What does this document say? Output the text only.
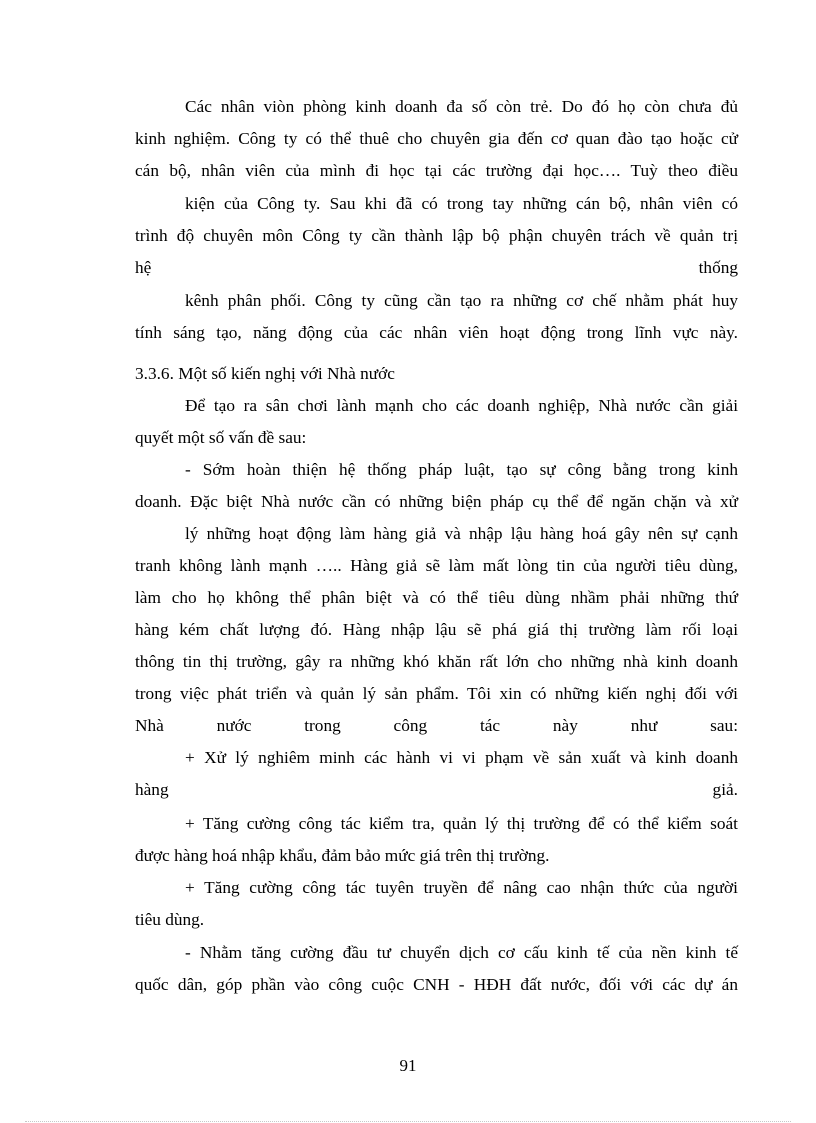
Các nhân viòn phòng kinh doanh đa số còn trẻ. Do đó họ còn chưa đủ
kinh nghiệm. Công ty có thể thuê cho chuyên gia đến cơ quan đào tạo hoặc cử
cán bộ, nhân viên của mình đi học tại các trường đại học…. Tuỳ theo điều
kiện của Công ty. Sau khi đã có trong tay những cán bộ, nhân viên có
trình độ chuyên môn Công ty cần thành lập bộ phận chuyên trách về quản trị
hệ thống
kênh phân phối. Công ty cũng cần tạo ra những cơ chế nhằm phát huy
tính sáng tạo, năng động của các nhân viên hoạt động trong lĩnh vực này.
3.3.6. Một số kiến nghị với Nhà nước
Để tạo ra sân chơi lành mạnh cho các doanh nghiệp, Nhà nước cần giải
quyết một số vấn đề sau:
- Sớm hoàn thiện hệ thống pháp luật, tạo sự công bằng trong kinh
doanh. Đặc biệt Nhà nước cần có những biện pháp cụ thể để ngăn chặn và xử
lý những hoạt động làm hàng giả và nhập lậu hàng hoá gây nên sự cạnh
tranh không lành mạnh ….. Hàng giả sẽ làm mất lòng tin của người tiêu dùng,
làm cho họ không thể phân biệt và có thể tiêu dùng nhầm phải những thứ
hàng kém chất lượng đó. Hàng nhập lậu sẽ phá giá thị trường làm rối loại
thông tin thị trường, gây ra những khó khăn rất lớn cho những nhà kinh doanh
trong việc phát triển và quản lý sản phẩm. Tôi xin có những kiến nghị đối với
Nhà nước trong công tác này như sau:
+ Xử lý nghiêm minh các hành vi vi phạm về sản xuất và kinh doanh
hàng giả.
+ Tăng cường công tác kiểm tra, quản lý thị trường để có thể kiểm soát
được hàng hoá nhập khẩu, đảm bảo mức giá trên thị trường.
+ Tăng cường công tác tuyên truyền để nâng cao nhận thức của người
tiêu dùng.
- Nhằm tăng cường đầu tư chuyển dịch cơ cấu kinh tế của nền kinh tế
quốc dân, góp phần vào công cuộc CNH - HĐH đất nước, đối với các dự án
91
